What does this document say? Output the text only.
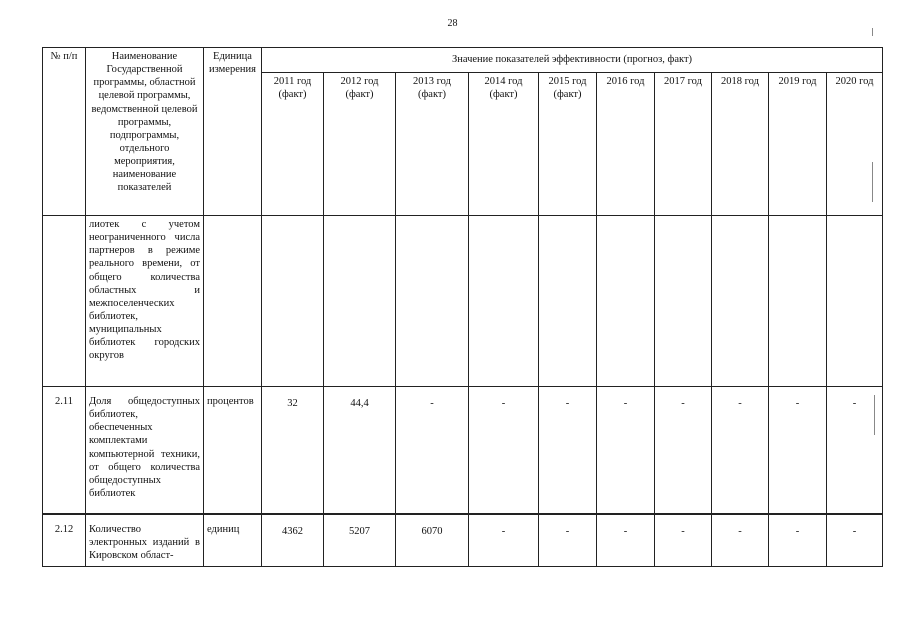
28
№ п/п	Наименование Государственной программы, областной целевой программы, ведомственной целевой программы, подпрограммы, отдельного мероприятия, наименование показателей	Единица измерения	Значение показателей эффективности (прогноз, факт)									
			2011 год (факт)	2012 год (факт)	2013 год (факт)	2014 год (факт)	2015 год (факт)	2016 год	2017 год	2018 год	2019 год	2020 год
	лиотек с учетом неограниченного числа партнеров в режиме реального времени, от общего количества областных и межпоселенческих библиотек, муниципальных библиотек городских округов											
2.11	Доля общедоступных библиотек, обеспеченных комплектами компьютерной техники, от общего количества общедоступных библиотек	процентов	32	44,4	-	-	-	-	-	-	-	-
2.12	Количество электронных изданий в Кировском област-	единиц	4362	5207	6070	-	-	-	-	-	-	-
